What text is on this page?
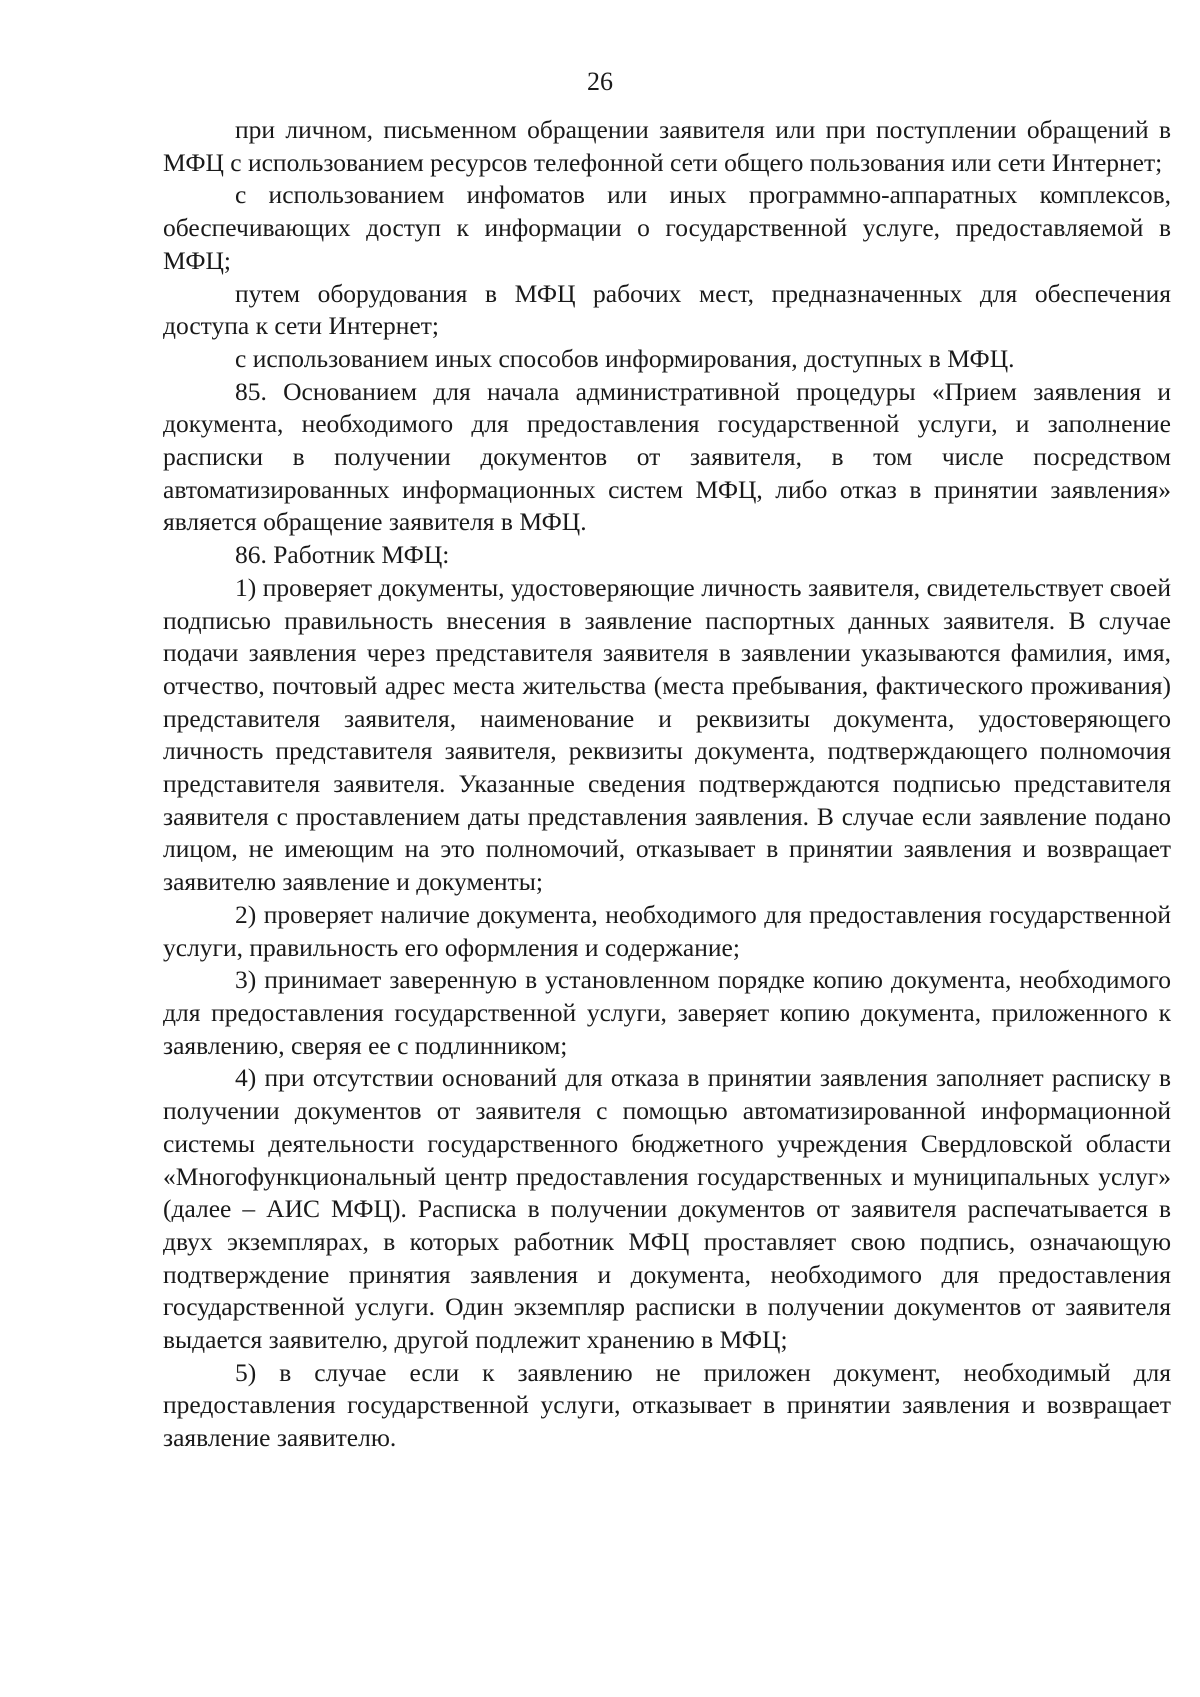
26

при личном, письменном обращении заявителя или при поступлении обращений в МФЦ с использованием ресурсов телефонной сети общего пользования или сети Интернет;

с использованием инфоматов или иных программно-аппаратных комплексов, обеспечивающих доступ к информации о государственной услуге, предоставляемой в МФЦ;

путем оборудования в МФЦ рабочих мест, предназначенных для обеспечения доступа к сети Интернет;

с использованием иных способов информирования, доступных в МФЦ.

85. Основанием для начала административной процедуры «Прием заявления и документа, необходимого для предоставления государственной услуги, и заполнение расписки в получении документов от заявителя, в том числе посредством автоматизированных информационных систем МФЦ, либо отказ в принятии заявления» является обращение заявителя в МФЦ.

86. Работник МФЦ:

1) проверяет документы, удостоверяющие личность заявителя, свидетельствует своей подписью правильность внесения в заявление паспортных данных заявителя. В случае подачи заявления через представителя заявителя в заявлении указываются фамилия, имя, отчество, почтовый адрес места жительства (места пребывания, фактического проживания) представителя заявителя, наименование и реквизиты документа, удостоверяющего личность представителя заявителя, реквизиты документа, подтверждающего полномочия представителя заявителя. Указанные сведения подтверждаются подписью представителя заявителя с проставлением даты представления заявления. В случае если заявление подано лицом, не имеющим на это полномочий, отказывает в принятии заявления и возвращает заявителю заявление и документы;

2) проверяет наличие документа, необходимого для предоставления государственной услуги, правильность его оформления и содержание;

3) принимает заверенную в установленном порядке копию документа, необходимого для предоставления государственной услуги, заверяет копию документа, приложенного к заявлению, сверяя ее с подлинником;

4) при отсутствии оснований для отказа в принятии заявления заполняет расписку в получении документов от заявителя с помощью автоматизированной информационной системы деятельности государственного бюджетного учреждения Свердловской области «Многофункциональный центр предоставления государственных и муниципальных услуг» (далее – АИС МФЦ). Расписка в получении документов от заявителя распечатывается в двух экземплярах, в которых работник МФЦ проставляет свою подпись, означающую подтверждение принятия заявления и документа, необходимого для предоставления государственной услуги. Один экземпляр расписки в получении документов от заявителя выдается заявителю, другой подлежит хранению в МФЦ;

5) в случае если к заявлению не приложен документ, необходимый для предоставления государственной услуги, отказывает в принятии заявления и возвращает заявление заявителю.
